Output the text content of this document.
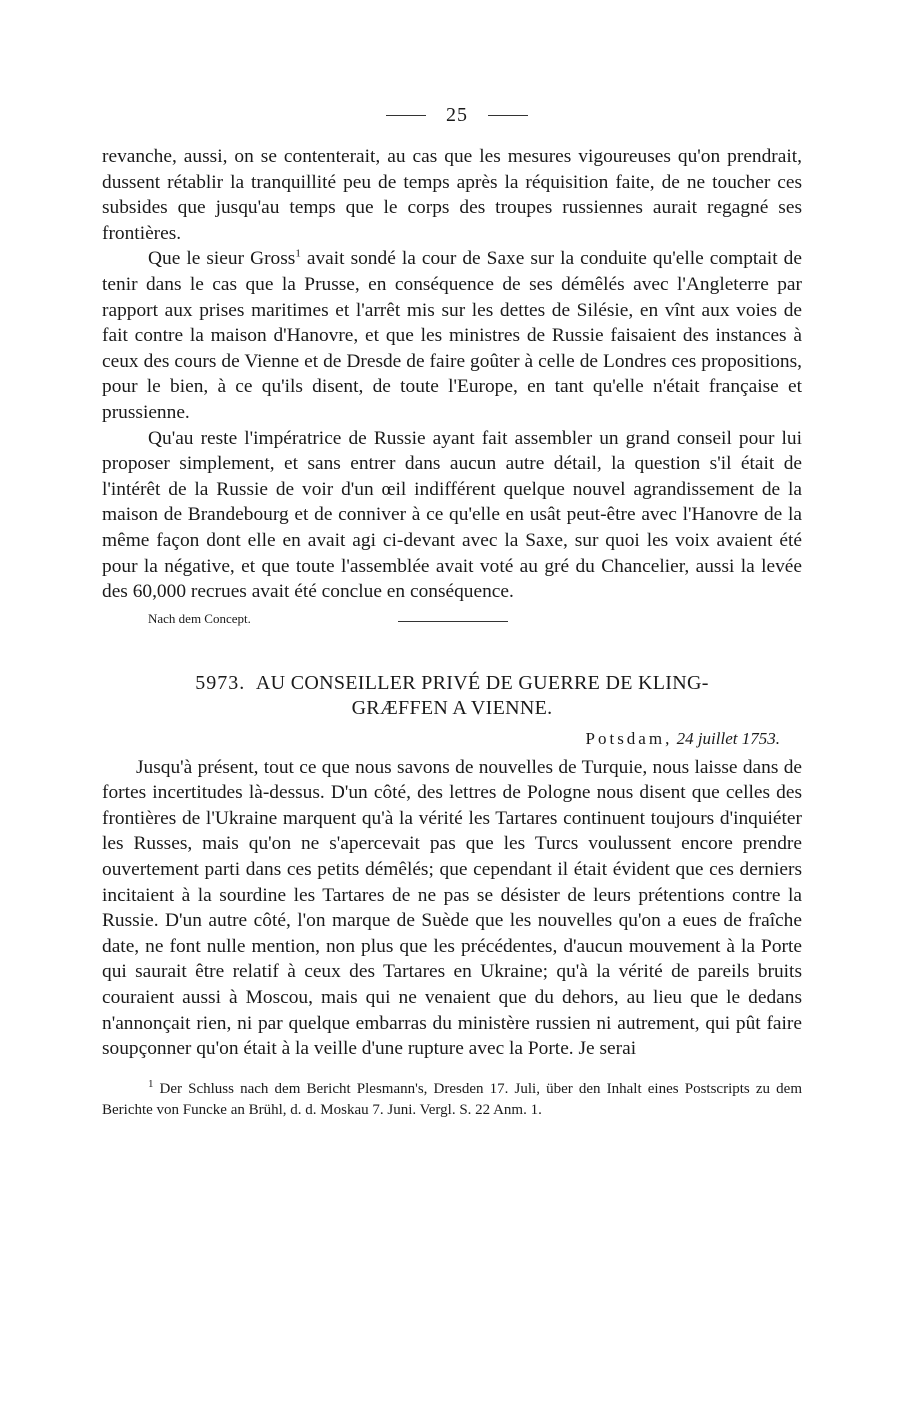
25

revanche, aussi, on se contenterait, au cas que les mesures vigoureuses qu'on prendrait, dussent rétablir la tranquillité peu de temps après la réquisition faite, de ne toucher ces subsides que jusqu'au temps que le corps des troupes russiennes aurait regagné ses frontières.

Que le sieur Gross$^1$ avait sondé la cour de Saxe sur la conduite qu'elle comptait de tenir dans le cas que la Prusse, en conséquence de ses démêlés avec l'Angleterre par rapport aux prises maritimes et l'arrêt mis sur les dettes de Silésie, en vînt aux voies de fait contre la maison d'Hanovre, et que les ministres de Russie faisaient des instances à ceux des cours de Vienne et de Dresde de faire goûter à celle de Londres ces propositions, pour le bien, à ce qu'ils disent, de toute l'Europe, en tant qu'elle n'était française et prussienne.

Qu'au reste l'impératrice de Russie ayant fait assembler un grand conseil pour lui proposer simplement, et sans entrer dans aucun autre détail, la question s'il était de l'intérêt de la Russie de voir d'un œil indifférent quelque nouvel agrandissement de la maison de Brandebourg et de conniver à ce qu'elle en usât peut-être avec l'Hanovre de la même façon dont elle en avait agi ci-devant avec la Saxe, sur quoi les voix avaient été pour la négative, et que toute l'assemblée avait voté au gré du Chancelier, aussi la levée des 60,000 recrues avait été conclue en conséquence.

Nach dem Concept.
5973. AU CONSEILLER PRIVÉ DE GUERRE DE KLING-
GRÆFFEN A VIENNE.
Potsdam, 24 juillet 1753.

Jusqu'à présent, tout ce que nous savons de nouvelles de Turquie, nous laisse dans de fortes incertitudes là-dessus. D'un côté, des lettres de Pologne nous disent que celles des frontières de l'Ukraine marquent qu'à la vérité les Tartares continuent toujours d'inquiéter les Russes, mais qu'on ne s'apercevait pas que les Turcs voulussent encore prendre ouvertement parti dans ces petits démêlés; que cependant il était évident que ces derniers incitaient à la sourdine les Tartares de ne pas se désister de leurs prétentions contre la Russie. D'un autre côté, l'on marque de Suède que les nouvelles qu'on a eues de fraîche date, ne font nulle mention, non plus que les précédentes, d'aucun mouvement à la Porte qui saurait être relatif à ceux des Tartares en Ukraine; qu'à la vérité de pareils bruits couraient aussi à Moscou, mais qui ne venaient que du dehors, au lieu que le dedans n'annonçait rien, ni par quelque embarras du ministère russien ni autrement, qui pût faire soupçonner qu'on était à la veille d'une rupture avec la Porte. Je serai

$^1$ Der Schluss nach dem Bericht Plesmann's, Dresden 17. Juli, über den Inhalt eines Postscripts zu dem Berichte von Funcke an Brühl, d. d. Moskau 7. Juni. Vergl. S. 22 Anm. 1.
